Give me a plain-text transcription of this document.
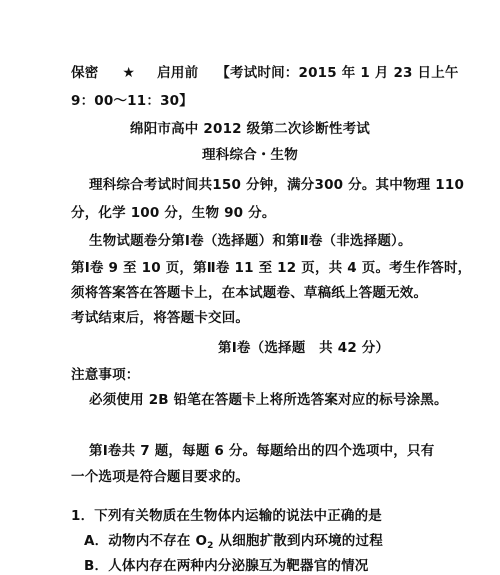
保密 ★ 启用前 【考试时间：2015 年 1 月 23 日上午
9：00～11：30】
绵阳市高中 2012 级第二次诊断性考试
理科综合・生物
理科综合考试时间共150 分钟，满分300 分。其中物理 110
分，化学 100 分，生物 90 分。
生物试题卷分第Ⅰ卷（选择题）和第Ⅱ卷（非选择题）。
第Ⅰ卷 9 至 10 页，第Ⅱ卷 11 至 12 页，共 4 页。考生作答时，
须将答案答在答题卡上，在本试题卷、草稿纸上答题无效。
考试结束后，将答题卡交回。
第Ⅰ卷（选择题　共 42 分）
注意事项：
必须使用 2B 铅笔在答题卡上将所选答案对应的标号涂黑。
第Ⅰ卷共 7 题，每题 6 分。每题给出的四个选项中，只有
一个选项是符合题目要求的。
1．下列有关物质在生物体内运输的说法中正确的是
A．动物内不存在 $O_2$ 从细胞扩散到内环境的过程
B．人体内存在两种内分泌腺互为靶器官的情况
